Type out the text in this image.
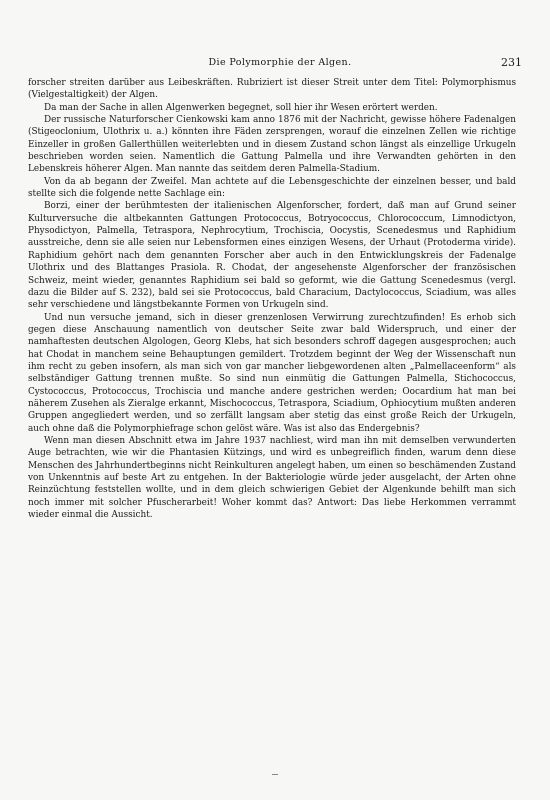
Die Polymorphie der Algen.	231

forscher streiten darüber aus Leibeskräften. Rubriziert ist dieser Streit unter dem Titel: Polymorphismus (Vielgestaltigkeit) der Algen.

Da man der Sache in allen Algenwerken begegnet, soll hier ihr Wesen erörtert werden.

Der russische Naturforscher Cienkowski kam anno 1876 mit der Nachricht, gewisse höhere Fadenalgen (Stigeoclonium, Ulothrix u. a.) könnten ihre Fäden zersprengen, worauf die einzelnen Zellen wie richtige Einzeller in großen Gallerthüllen weiterlebten und in diesem Zustand schon längst als einzellige Urkugeln beschrieben worden seien. Namentlich die Gattung Palmella und ihre Verwandten gehörten in den Lebenskreis höherer Algen. Man nannte das seitdem deren Palmella-Stadium.

Von da ab begann der Zweifel. Man achtete auf die Lebensgeschichte der einzelnen besser, und bald stellte sich die folgende nette Sachlage ein:

Borzi, einer der berühmtesten der italienischen Algenforscher, fordert, daß man auf Grund seiner Kulturversuche die altbekannten Gattungen Protococcus, Botryococcus, Chlorococcum, Limnodictyon, Physodictyon, Palmella, Tetraspora, Nephrocytium, Trochiscia, Oocystis, Scenedesmus und Raphidium ausstreiche, denn sie alle seien nur Lebensformen eines einzigen Wesens, der Urhaut (Protoderma viride). Raphidium gehört nach dem genannten Forscher aber auch in den Entwicklungskreis der Fadenalge Ulothrix und des Blattanges Prasiola. R. Chodat, der angesehenste Algenforscher der französischen Schweiz, meint wieder, genanntes Raphidium sei bald so geformt, wie die Gattung Scenedesmus (vergl. dazu die Bilder auf S. 232), bald sei sie Protococcus, bald Characium, Dactylococcus, Sciadium, was alles sehr verschiedene und längstbekannte Formen von Urkugeln sind.

Und nun versuche jemand, sich in dieser grenzenlosen Verwirrung zurechtzufinden! Es erhob sich gegen diese Anschauung namentlich von deutscher Seite zwar bald Widerspruch, und einer der namhaftesten deutschen Algologen, Georg Klebs, hat sich besonders schroff dagegen ausgesprochen; auch hat Chodat in manchem seine Behauptungen gemildert. Trotzdem beginnt der Weg der Wissenschaft nun ihm recht zu geben insofern, als man sich von gar mancher liebgewordenen alten „Palmellaceenform“ als selbständiger Gattung trennen mußte. So sind nun einmütig die Gattungen Palmella, Stichococcus, Cystococcus, Protococcus, Trochiscia und manche andere gestrichen werden; Oocardium hat man bei näherem Zusehen als Zieralge erkannt, Mischococcus, Tetraspora, Sciadium, Ophiocytium mußten anderen Gruppen angegliedert werden, und so zerfällt langsam aber stetig das einst große Reich der Urkugeln, auch ohne daß die Polymorphiefrage schon gelöst wäre. Was ist also das Endergebnis?

Wenn man diesen Abschnitt etwa im Jahre 1937 nachliest, wird man ihn mit demselben verwunderten Auge betrachten, wie wir die Phantasien Kützings, und wird es unbegreiflich finden, warum denn diese Menschen des Jahrhundertbeginns nicht Reinkulturen angelegt haben, um einen so beschämenden Zustand von Unkenntnis auf beste Art zu entgehen. In der Bakteriologie würde jeder ausgelacht, der Arten ohne Reinzüchtung feststellen wollte, und in dem gleich schwierigen Gebiet der Algenkunde behilft man sich noch immer mit solcher Pfuscherarbeit! Woher kommt das? Antwort: Das liebe Herkommen verrammt wieder einmal die Aussicht.
